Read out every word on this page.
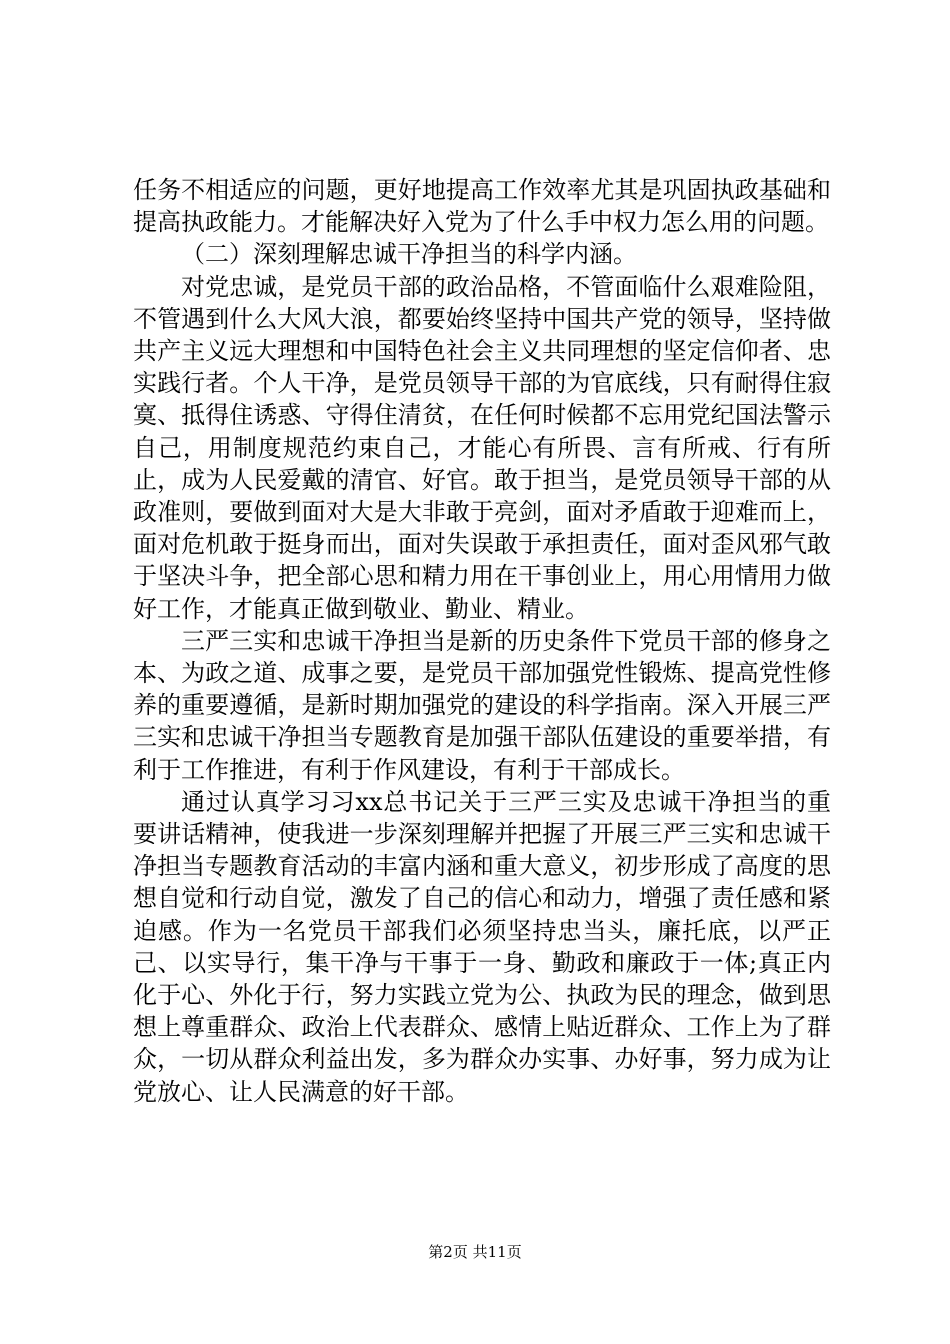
任务不相适应的问题，更好地提高工作效率尤其是巩固执政基础和提高执政能力。才能解决好入党为了什么手中权力怎么用的问题。

（二）深刻理解忠诚干净担当的科学内涵。

对党忠诚，是党员干部的政治品格，不管面临什么艰难险阻，不管遇到什么大风大浪，都要始终坚持中国共产党的领导，坚持做共产主义远大理想和中国特色社会主义共同理想的坚定信仰者、忠实践行者。个人干净，是党员领导干部的为官底线，只有耐得住寂寞、抵得住诱惑、守得住清贫，在任何时候都不忘用党纪国法警示自己，用制度规范约束自己，才能心有所畏、言有所戒、行有所止，成为人民爱戴的清官、好官。敢于担当，是党员领导干部的从政准则，要做到面对大是大非敢于亮剑，面对矛盾敢于迎难而上，面对危机敢于挺身而出，面对失误敢于承担责任，面对歪风邪气敢于坚决斗争，把全部心思和精力用在干事创业上，用心用情用力做好工作，才能真正做到敬业、勤业、精业。

三严三实和忠诚干净担当是新的历史条件下党员干部的修身之本、为政之道、成事之要，是党员干部加强党性锻炼、提高党性修养的重要遵循，是新时期加强党的建设的科学指南。深入开展三严三实和忠诚干净担当专题教育是加强干部队伍建设的重要举措，有利于工作推进，有利于作风建设，有利于干部成长。

通过认真学习习xx总书记关于三严三实及忠诚干净担当的重要讲话精神，使我进一步深刻理解并把握了开展三严三实和忠诚干净担当专题教育活动的丰富内涵和重大意义，初步形成了高度的思想自觉和行动自觉，激发了自己的信心和动力，增强了责任感和紧迫感。作为一名党员干部我们必须坚持忠当头，廉托底，以严正己、以实导行，集干净与干事于一身、勤政和廉政于一体;真正内化于心、外化于行，努力实践立党为公、执政为民的理念，做到思想上尊重群众、政治上代表群众、感情上贴近群众、工作上为了群众，一切从群众利益出发，多为群众办实事、办好事，努力成为让党放心、让人民满意的好干部。

第2页 共11页
